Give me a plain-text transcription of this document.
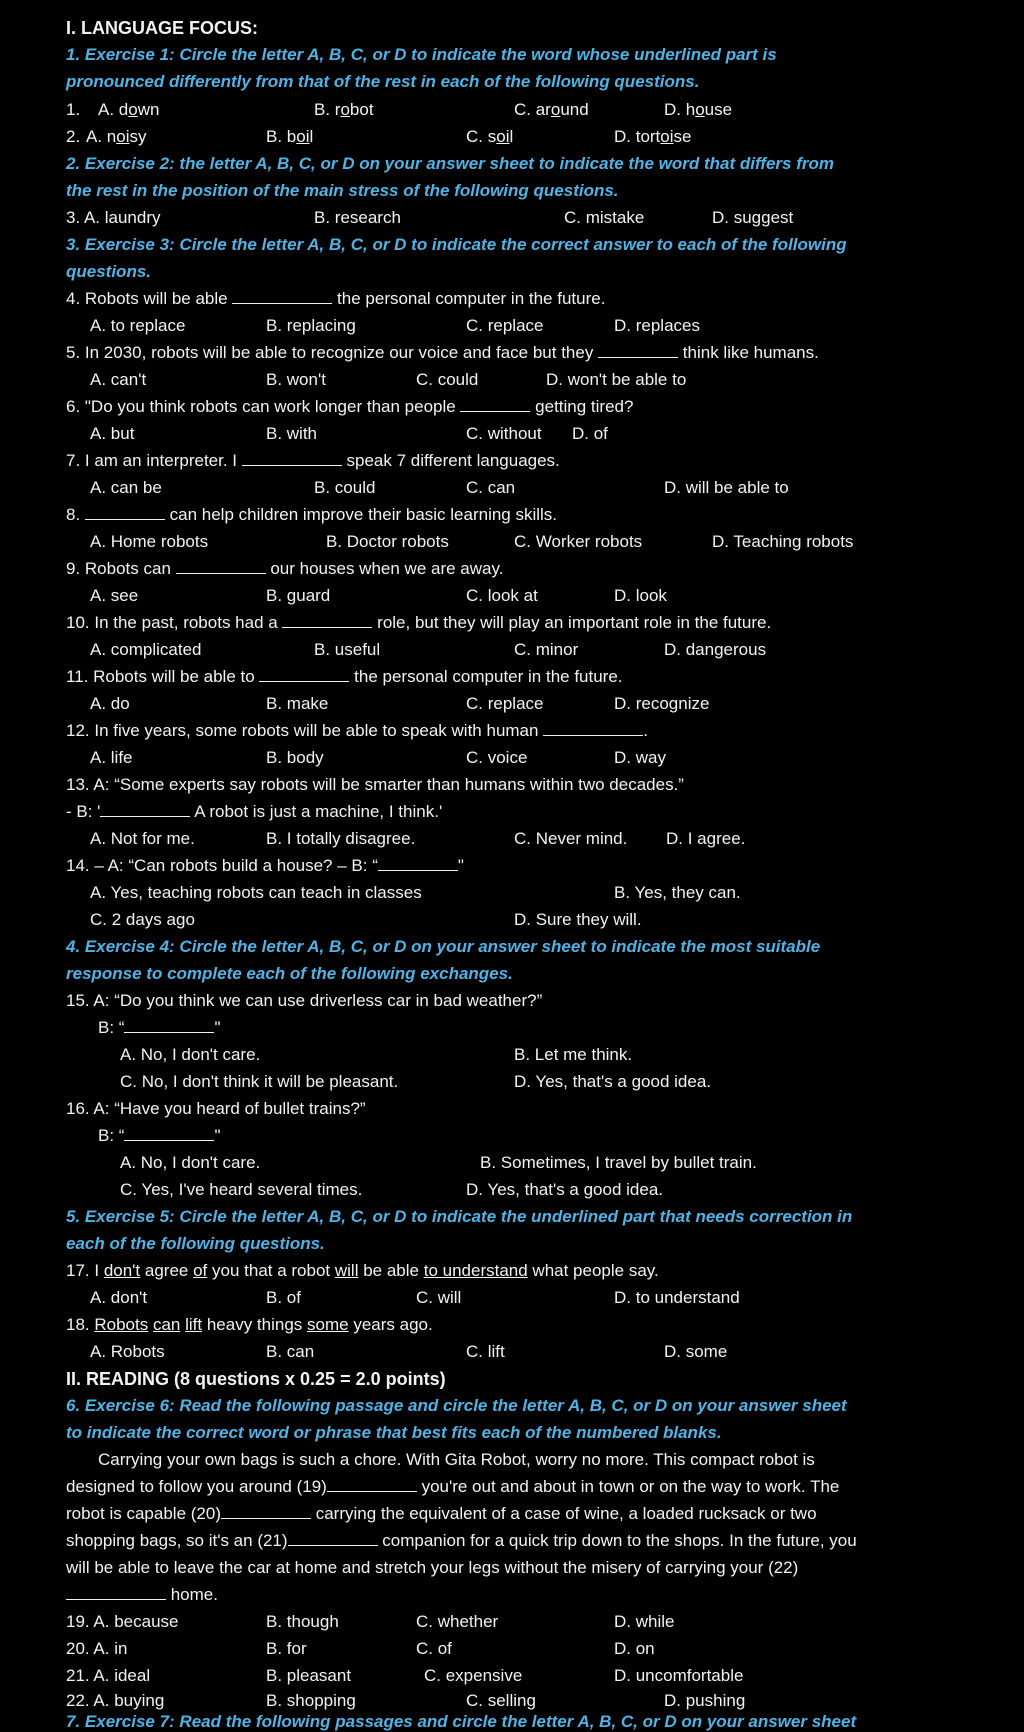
I. LANGUAGE FOCUS:
1. Exercise 1: Circle the letter A, B, C, or D to indicate the word whose underlined part is
pronounced differently from that of the rest in each of the following questions.
1. A. down	B. robot	C. around	D. house
2. A. noisy	B. boil	C. soil	D. tortoise
2. Exercise 2: the letter A, B, C, or D on your answer sheet to indicate the word that differs from
the rest in the position of the main stress of the following questions.
3. A. laundry	B. research	C. mistake	D. suggest
3. Exercise 3: Circle the letter A, B, C, or D to indicate the correct answer to each of the following
questions.
4. Robots will be able	the personal computer in the future.
A. to replace	B. replacing	C. replace	D. replaces
5. In 2030, robots will be able to recognize our voice and face but they	think like humans.
A. can't	B. won't	C. could	D. won't be able to
6. "Do you think robots can work longer than people	getting tired?
A. but	B. with	C. without D. of
7. I am an interpreter. I	speak 7 different languages.
A. can be	B. could	C. can	D. will be able to
8.	can help children improve their basic learning skills.
A. Home robots	B. Doctor robots	C. Worker robots	D. Teaching robots
9. Robots can	our houses when we are away.
A. see	B. guard	C. look at	D. look
10. In the past, robots had a	role, but they will play an important role in the future.
A. complicated	B. useful	C. minor	D. dangerous
11. Robots will be able to	the personal computer in the future.
A. do	B. make	C. replace	D. recognize
12. In five years, some robots will be able to speak with human	.
A. life	B. body	C. voice	D. way
13. A: “Some experts say robots will be smarter than humans within two decades.”
- B: '	A robot is just a machine, I think.'
A. Not for me.	B. I totally disagree.	C. Never mind. D. I agree.
14. – A: “Can robots build a house? – B: “	"
A. Yes, teaching robots can teach in classes	B. Yes, they can.
C. 2 days ago	D. Sure they will.
4. Exercise 4: Circle the letter A, B, C, or D on your answer sheet to indicate the most suitable
response to complete each of the following exchanges.
15. A: “Do you think we can use driverless car in bad weather?”
B: “	"
A. No, I don't care.	B. Let me think.
C. No, I don't think it will be pleasant.	D. Yes, that's a good idea.
16. A: “Have you heard of bullet trains?”
B: “	"
A. No, I don't care.	B. Sometimes, I travel by bullet train.
C. Yes, I've heard several times.	D. Yes, that's a good idea.
5. Exercise 5: Circle the letter A, B, C, or D to indicate the underlined part that needs correction in
each of the following questions.
17. I don't agree of you that a robot will be able to understand what people say.
A. don't	B. of	C. will	D. to understand
18. Robots can lift heavy things some years ago.
A. Robots	B. can	C. lift	D. some
II. READING (8 questions x 0.25 = 2.0 points)
6. Exercise 6: Read the following passage and circle the letter A, B, C, or D on your answer sheet
to indicate the correct word or phrase that best fits each of the numbered blanks.
Carrying your own bags is such a chore. With Gita Robot, worry no more. This compact robot is
designed to follow you around (19)	you're out and about in town or on the way to work. The
robot is capable (20)	carrying the equivalent of a case of wine, a loaded rucksack or two
shopping bags, so it's an (21)	companion for a quick trip down to the shops. In the future, you
will be able to leave the car at home and stretch your legs without the misery of carrying your (22)
home.
19. A. because	B. though	C. whether	D. while
20. A. in	B. for	C. of	D. on
21. A. ideal	B. pleasant	C. expensive	D. uncomfortable
22. A. buying	B. shopping	C. selling	D. pushing
7. Exercise 7: Read the following passages and circle the letter A, B, C, or D on your answer sheet
